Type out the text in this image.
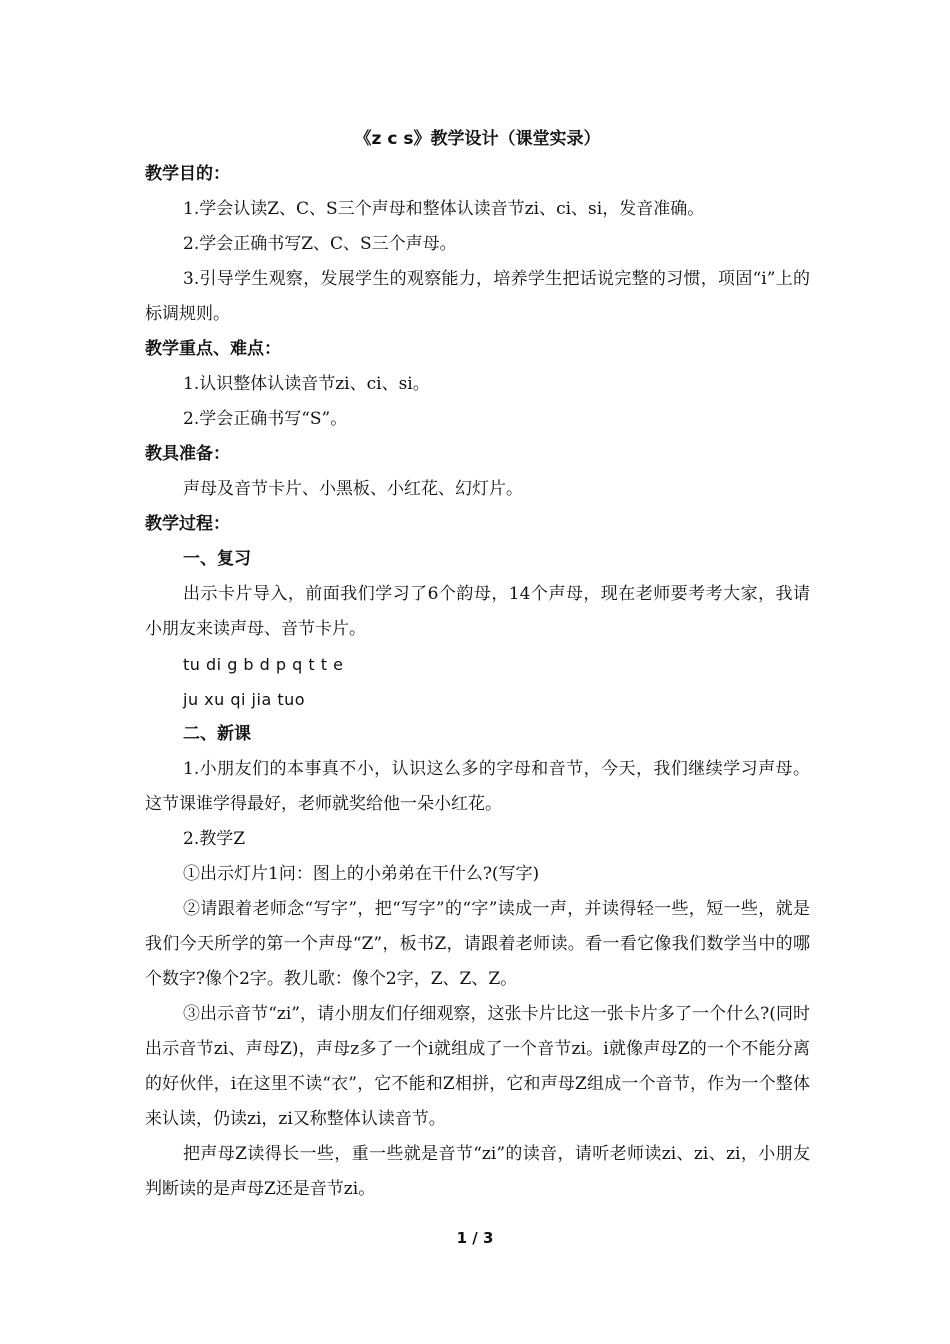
《z c s》教学设计（课堂实录）
教学目的：
1.学会认读Z、C、S三个声母和整体认读音节zi、ci、si，发音准确。
2.学会正确书写Z、C、S三个声母。
3.引导学生观察，发展学生的观察能力，培养学生把话说完整的习惯，项固“i”上的标调规则。
教学重点、难点：
1.认识整体认读音节zi、ci、si。
2.学会正确书写“S”。
教具准备：
声母及音节卡片、小黑板、小红花、幻灯片。
教学过程：
一、复习
出示卡片导入，前面我们学习了6个韵母，14个声母，现在老师要考考大家，我请小朋友来读声母、音节卡片。
tu di g b d p q t t e
ju xu qi jia tuo
二、新课
1.小朋友们的本事真不小，认识这么多的字母和音节，今天，我们继续学习声母。这节课谁学得最好，老师就奖给他一朵小红花。
2.教学Z
①出示灯片1问：图上的小弟弟在干什么?(写字)
②请跟着老师念“写字”，把“写字”的“字”读成一声，并读得轻一些，短一些，就是我们今天所学的第一个声母“Z”，板书Z，请跟着老师读。看一看它像我们数学当中的哪个数字?像个2字。教儿歌：像个2字，Z、Z、Z。
③出示音节“zi”，请小朋友们仔细观察，这张卡片比这一张卡片多了一个什么?(同时出示音节zi、声母Z)，声母z多了一个i就组成了一个音节zi。i就像声母Z的一个不能分离的好伙伴，i在这里不读“衣”，它不能和Z相拼，它和声母Z组成一个音节，作为一个整体来认读，仍读zi，zi又称整体认读音节。
把声母Z读得长一些，重一些就是音节“zi”的读音，请听老师读zi、zi、zi，小朋友判断读的是声母Z还是音节zi。
1 / 3
